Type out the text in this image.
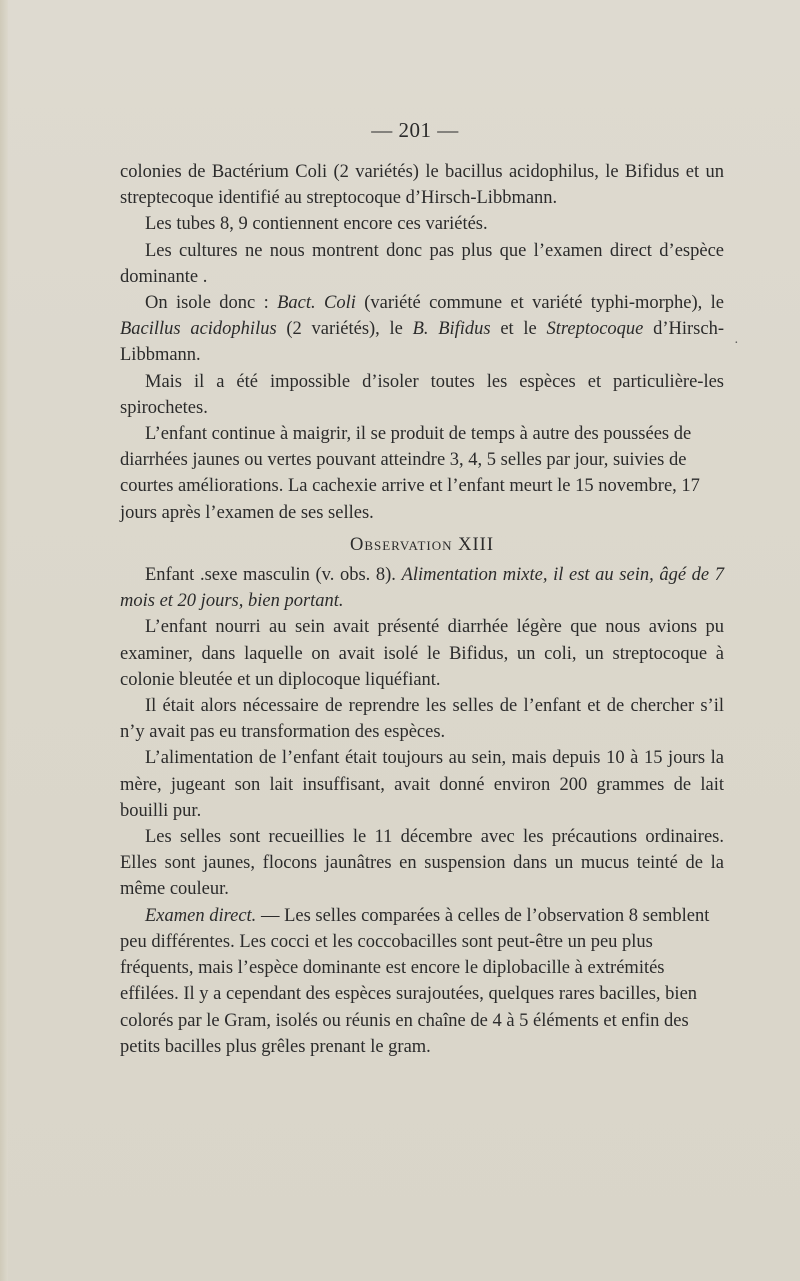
— 201 —
·

colonies de Bactérium Coli (2 variétés) le bacillus acidophilus, le Bifidus et un streptecoque identifié au streptocoque d’Hirsch-Libbmann.

Les tubes 8, 9 contiennent encore ces variétés.

Les cultures ne nous montrent donc pas plus que l’examen direct d’espèce dominante .

On isole donc : Bact. Coli (variété commune et variété typhi-morphe), le Bacillus acidophilus (2 variétés), le B. Bifidus et le Streptocoque d’Hirsch-Libbmann.

Mais il a été impossible d’isoler toutes les espèces et particulière-les spirochetes.

L’enfant continue à maigrir, il se produit de temps à autre des poussées de diarrhées jaunes ou vertes pouvant atteindre 3, 4, 5 selles par jour, suivies de courtes améliorations. La cachexie arrive et l’enfant meurt le 15 novembre, 17 jours après l’examen de ses selles.

Observation XIII

Enfant .sexe masculin (v. obs. 8). Alimentation mixte, il est au sein, âgé de 7 mois et 20 jours, bien portant.

L’enfant nourri au sein avait présenté diarrhée légère que nous avions pu examiner, dans laquelle on avait isolé le Bifidus, un coli, un streptocoque à colonie bleutée et un diplocoque liquéfiant.

Il était alors nécessaire de reprendre les selles de l’enfant et de chercher s’il n’y avait pas eu transformation des espèces.

L’alimentation de l’enfant était toujours au sein, mais depuis 10 à 15 jours la mère, jugeant son lait insuffisant, avait donné environ 200 grammes de lait bouilli pur.

Les selles sont recueillies le 11 décembre avec les précautions ordinaires. Elles sont jaunes, flocons jaunâtres en suspension dans un mucus teinté de la même couleur.

Examen direct. — Les selles comparées à celles de l’observation 8 semblent peu différentes. Les cocci et les coccobacilles sont peut-être un peu plus fréquents, mais l’espèce dominante est encore le diplobacille à extrémités effilées. Il y a cependant des espèces surajoutées, quelques rares bacilles, bien colorés par le Gram, isolés ou réunis en chaîne de 4 à 5 éléments et enfin des petits bacilles plus grêles prenant le gram.
